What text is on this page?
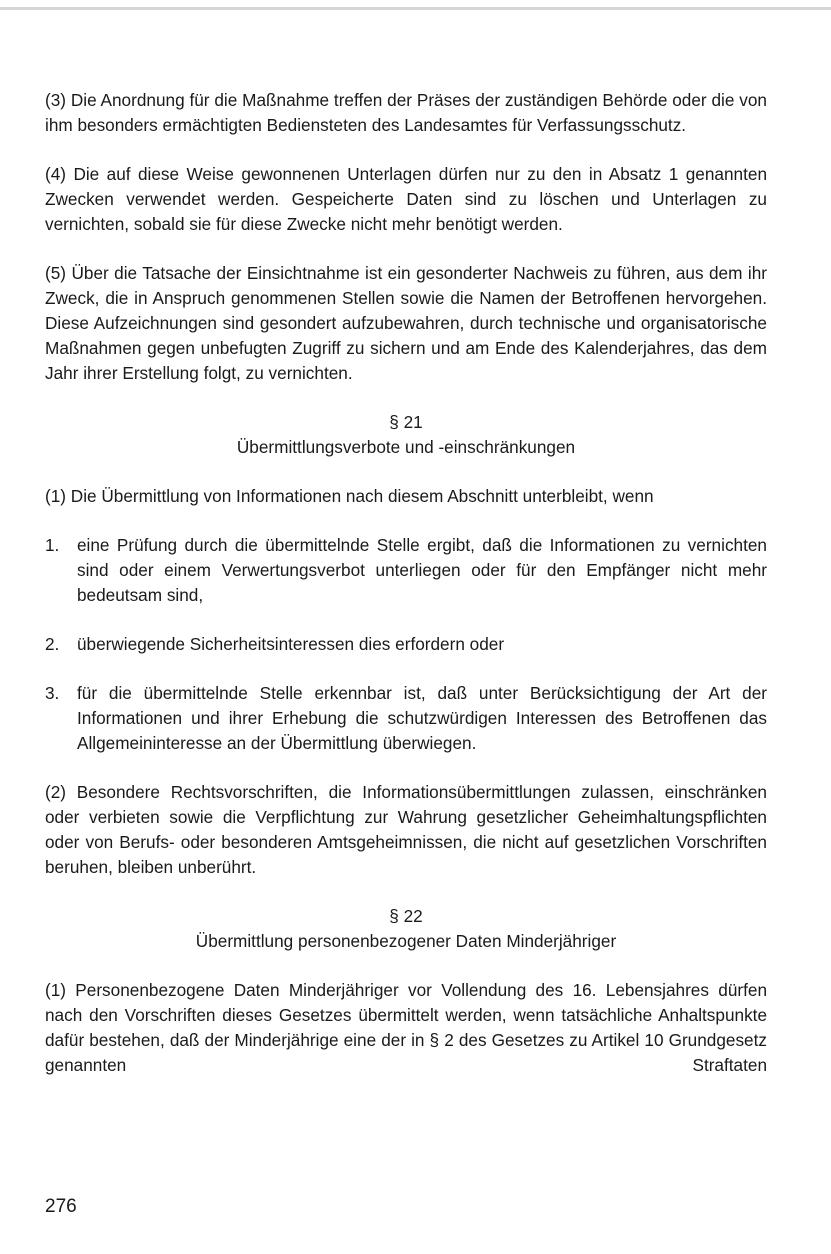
(3) Die Anordnung für die Maßnahme treffen der Präses der zuständigen Behörde oder die von ihm besonders ermächtigten Bediensteten des Landesamtes für Verfassungsschutz.

(4) Die auf diese Weise gewonnenen Unterlagen dürfen nur zu den in Absatz 1 genannten Zwecken verwendet werden. Gespeicherte Daten sind zu löschen und Unterlagen zu vernichten, sobald sie für diese Zwecke nicht mehr benötigt werden.

(5) Über die Tatsache der Einsichtnahme ist ein gesonderter Nachweis zu führen, aus dem ihr Zweck, die in Anspruch genommenen Stellen sowie die Namen der Betroffenen hervorgehen. Diese Aufzeichnungen sind gesondert aufzubewahren, durch technische und organisatorische Maßnahmen gegen unbefugten Zugriff zu sichern und am Ende des Kalenderjahres, das dem Jahr ihrer Erstellung folgt, zu vernichten.

§ 21

Übermittlungsverbote und -einschränkungen

(1) Die Übermittlung von Informationen nach diesem Abschnitt unterbleibt, wenn

1.	eine Prüfung durch die übermittelnde Stelle ergibt, daß die Informationen zu vernichten sind oder einem Verwertungsverbot unterliegen oder für den Empfänger nicht mehr bedeutsam sind,
2.	überwiegende Sicherheitsinteressen dies erfordern oder
3.	für die übermittelnde Stelle erkennbar ist, daß unter Berücksichtigung der Art der Informationen und ihrer Erhebung die schutzwürdigen Interessen des Betroffenen das Allgemeininteresse an der Übermittlung überwiegen.

(2) Besondere Rechtsvorschriften, die Informationsübermittlungen zulassen, einschränken oder verbieten sowie die Verpflichtung zur Wahrung gesetzlicher Geheimhaltungspflichten oder von Berufs- oder besonderen Amtsgeheimnissen, die nicht auf gesetzlichen Vorschriften beruhen, bleiben unberührt.

§ 22

Übermittlung personenbezogener Daten Minderjähriger

(1) Personenbezogene Daten Minderjähriger vor Vollendung des 16. Lebensjahres dürfen nach den Vorschriften dieses Gesetzes übermittelt werden, wenn tatsächliche Anhaltspunkte dafür bestehen, daß der Minderjährige eine der in § 2 des Gesetzes zu Artikel 10 Grundgesetz genannten Straftaten

276
